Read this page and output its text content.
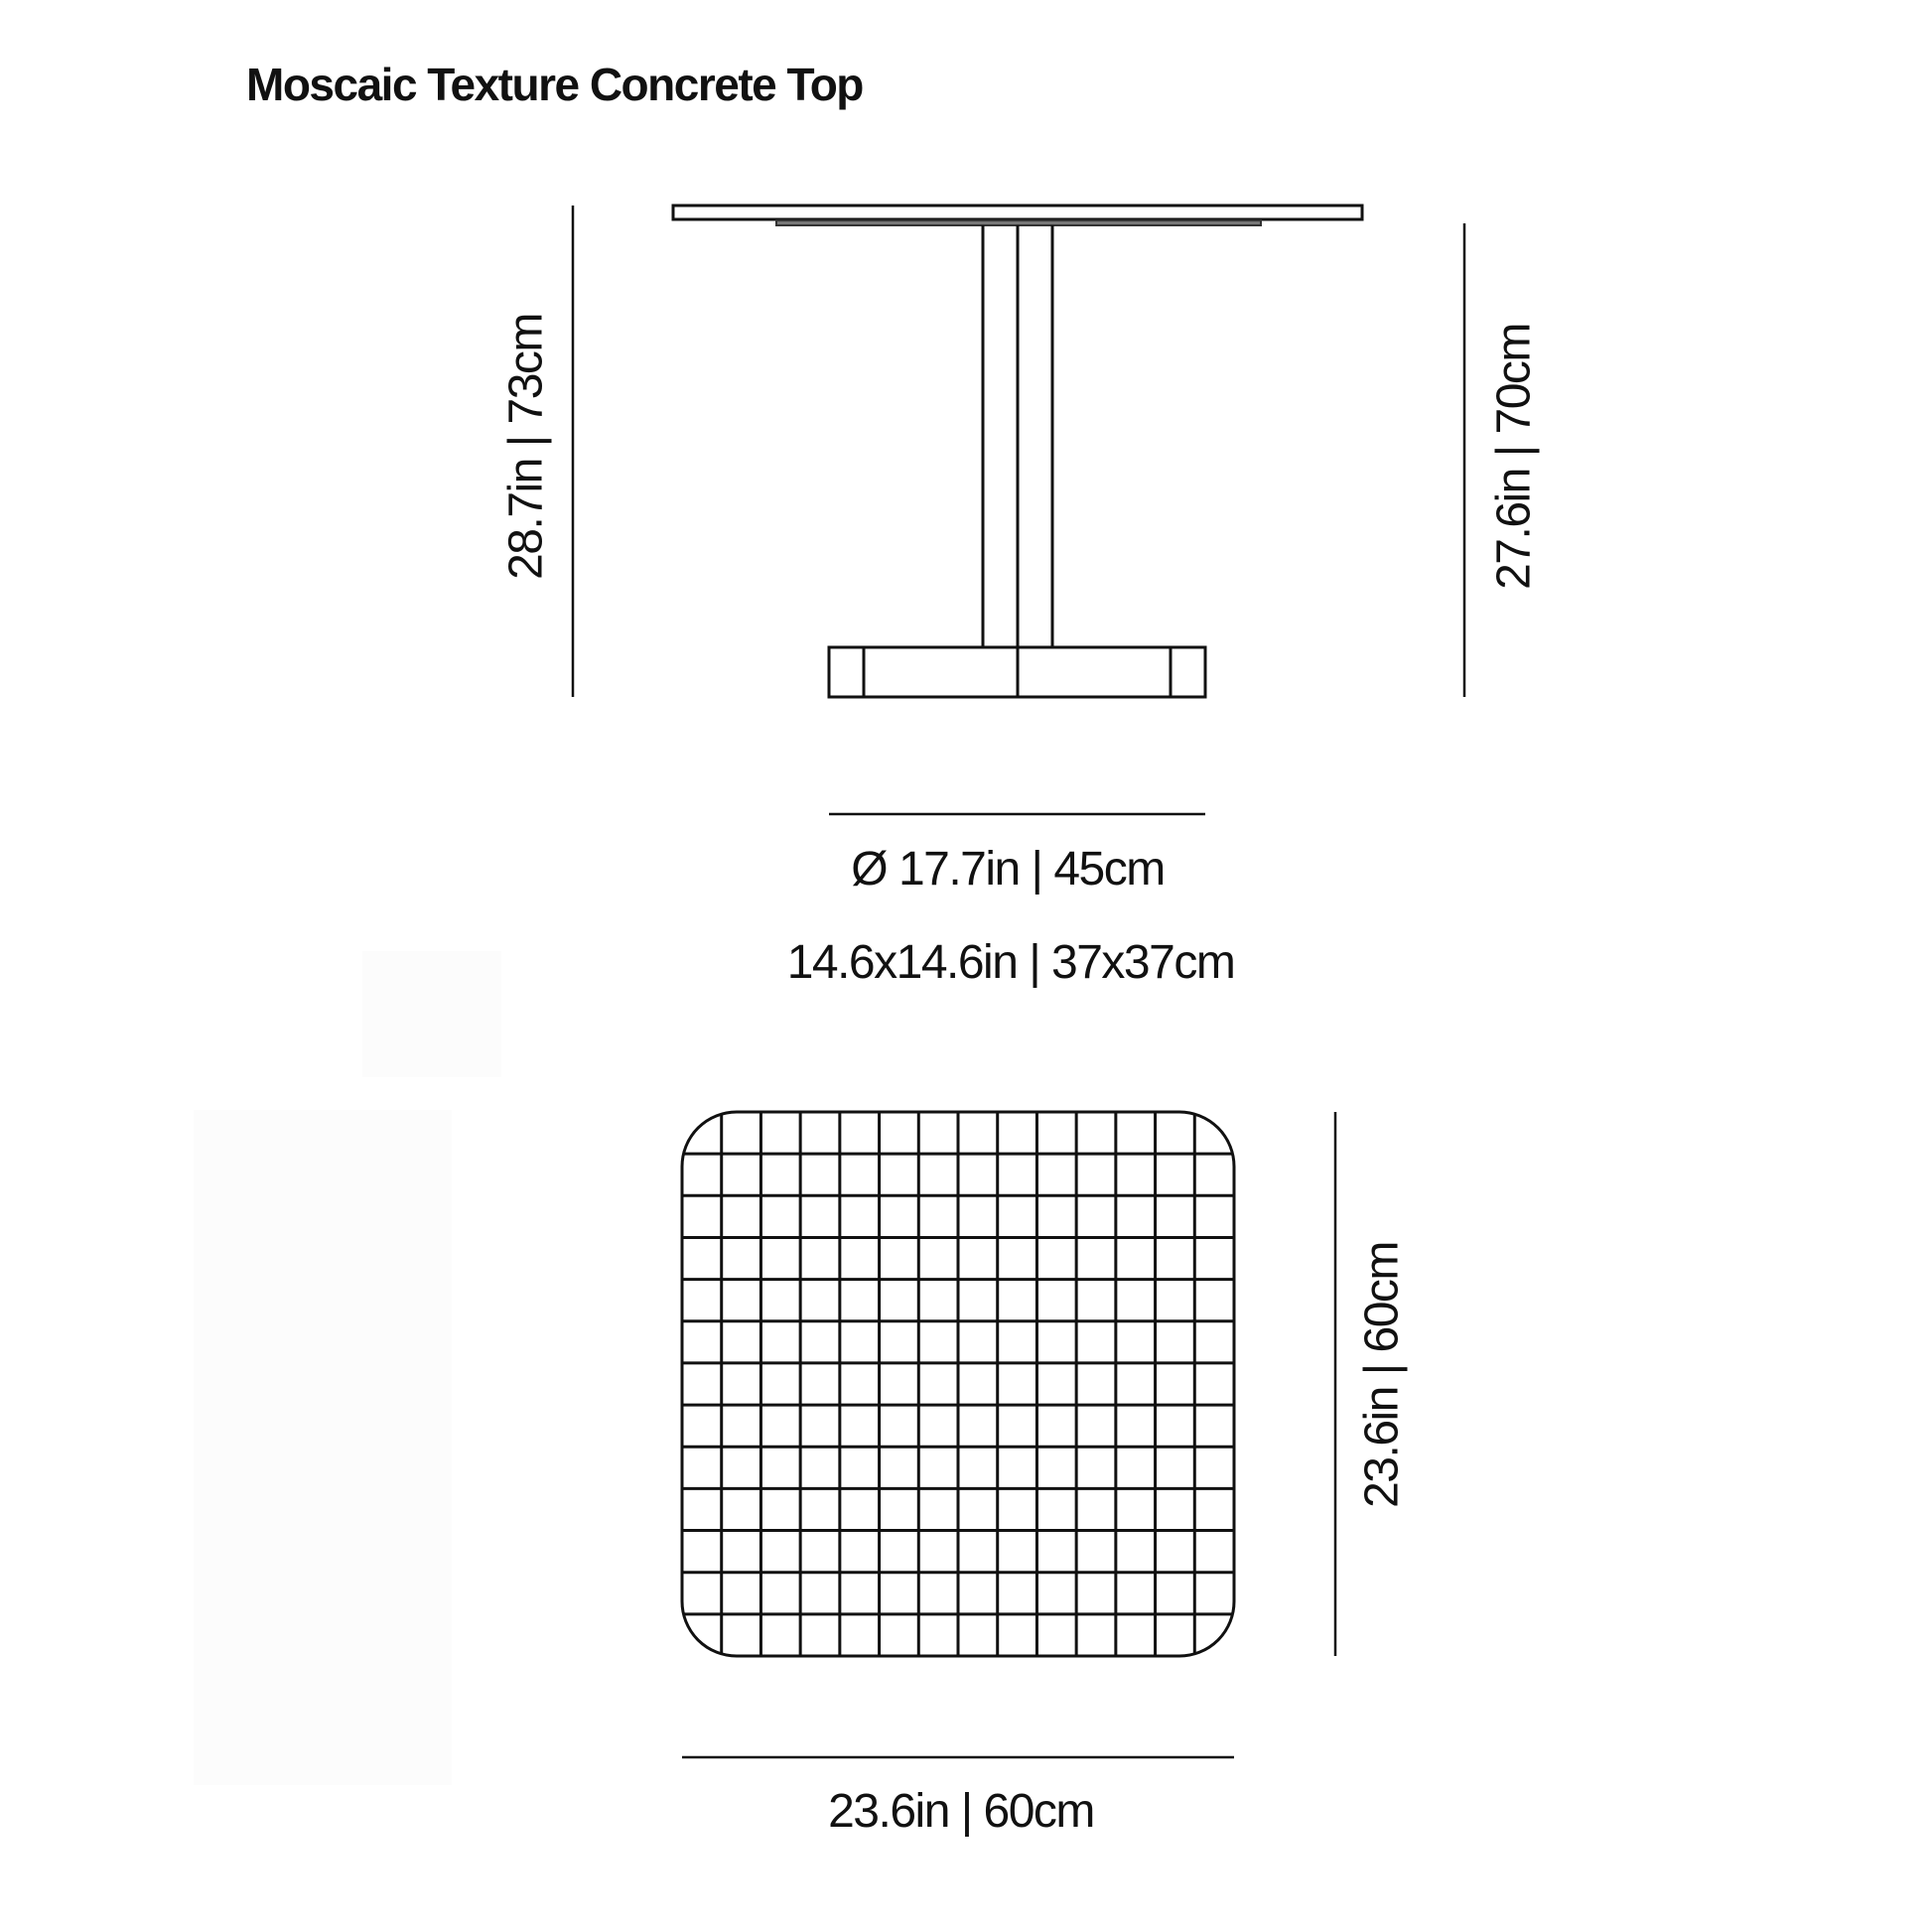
Moscaic Texture Concrete Top
28.7in | 73cm	27.6in | 70cm
Ø 17.7in | 45cm
14.6x14.6in | 37x37cm
23.6in | 60cm
23.6in | 60cm
